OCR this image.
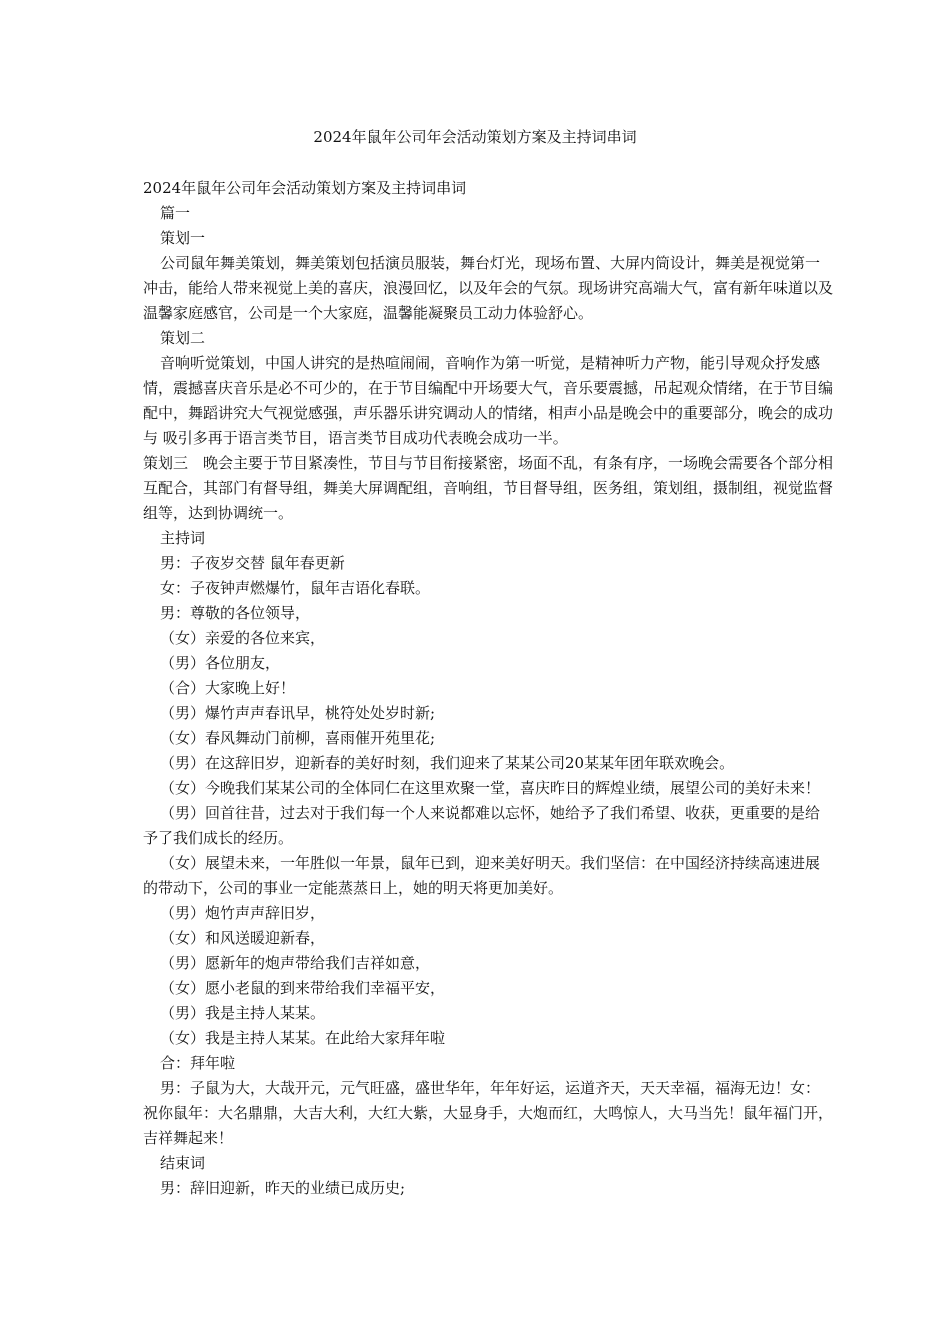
2024年鼠年公司年会活动策划方案及主持词串词

2024年鼠年公司年会活动策划方案及主持词串词

篇一

策划一

公司鼠年舞美策划，舞美策划包括演员服装，舞台灯光，现场布置、大屏内筒设计，舞美是视觉第一冲击，能给人带来视觉上美的喜庆，浪漫回忆，以及年会的气氛。现场讲究高端大气，富有新年味道以及温馨家庭感官，公司是一个大家庭，温馨能凝聚员工动力体验舒心。

策划二

音响听觉策划，中国人讲究的是热喧闹闹，音响作为第一听觉，是精神听力产物，能引导观众抒发感情，震撼喜庆音乐是必不可少的，在于节目编配中开场要大气，音乐要震撼，吊起观众情绪，在于节目编配中，舞蹈讲究大气视觉感强，声乐器乐讲究调动人的情绪，相声小品是晚会中的重要部分，晚会的成功与 吸引多再于语言类节目，语言类节目成功代表晚会成功一半。

策划三　晚会主要于节目紧凑性，节目与节目衔接紧密，场面不乱，有条有序，一场晚会需要各个部分相互配合，其部门有督导组，舞美大屏调配组，音响组，节目督导组，医务组，策划组，摄制组，视觉监督组等，达到协调统一。

主持词

男：子夜岁交替 鼠年春更新

女：子夜钟声燃爆竹，鼠年吉语化春联。

男：尊敬的各位领导，

（女）亲爱的各位来宾，

（男）各位朋友，

（合）大家晚上好！

（男）爆竹声声春讯早，桃符处处岁时新;

（女）春风舞动门前柳，喜雨催开苑里花;

（男）在这辞旧岁，迎新春的美好时刻，我们迎来了某某公司20某某年团年联欢晚会。

（女）今晚我们某某公司的全体同仁在这里欢聚一堂，喜庆昨日的辉煌业绩，展望公司的美好未来！

（男）回首往昔，过去对于我们每一个人来说都难以忘怀，她给予了我们希望、收获，更重要的是给予了我们成长的经历。

（女）展望未来，一年胜似一年景，鼠年已到，迎来美好明天。我们坚信：在中国经济持续高速进展的带动下，公司的事业一定能蒸蒸日上，她的明天将更加美好。

（男）炮竹声声辞旧岁，

（女）和风送暖迎新春，

（男）愿新年的炮声带给我们吉祥如意，

（女）愿小老鼠的到来带给我们幸福平安，

（男）我是主持人某某。

（女）我是主持人某某。在此给大家拜年啦

合：拜年啦

男：子鼠为大，大哉开元，元气旺盛，盛世华年，年年好运，运道齐天，天天幸福，福海无边！女：祝你鼠年：大名鼎鼎，大吉大利，大红大紫，大显身手，大炮而红，大鸣惊人，大马当先！鼠年福门开，吉祥舞起来！

结束词

男：辞旧迎新，昨天的业绩已成历史;
